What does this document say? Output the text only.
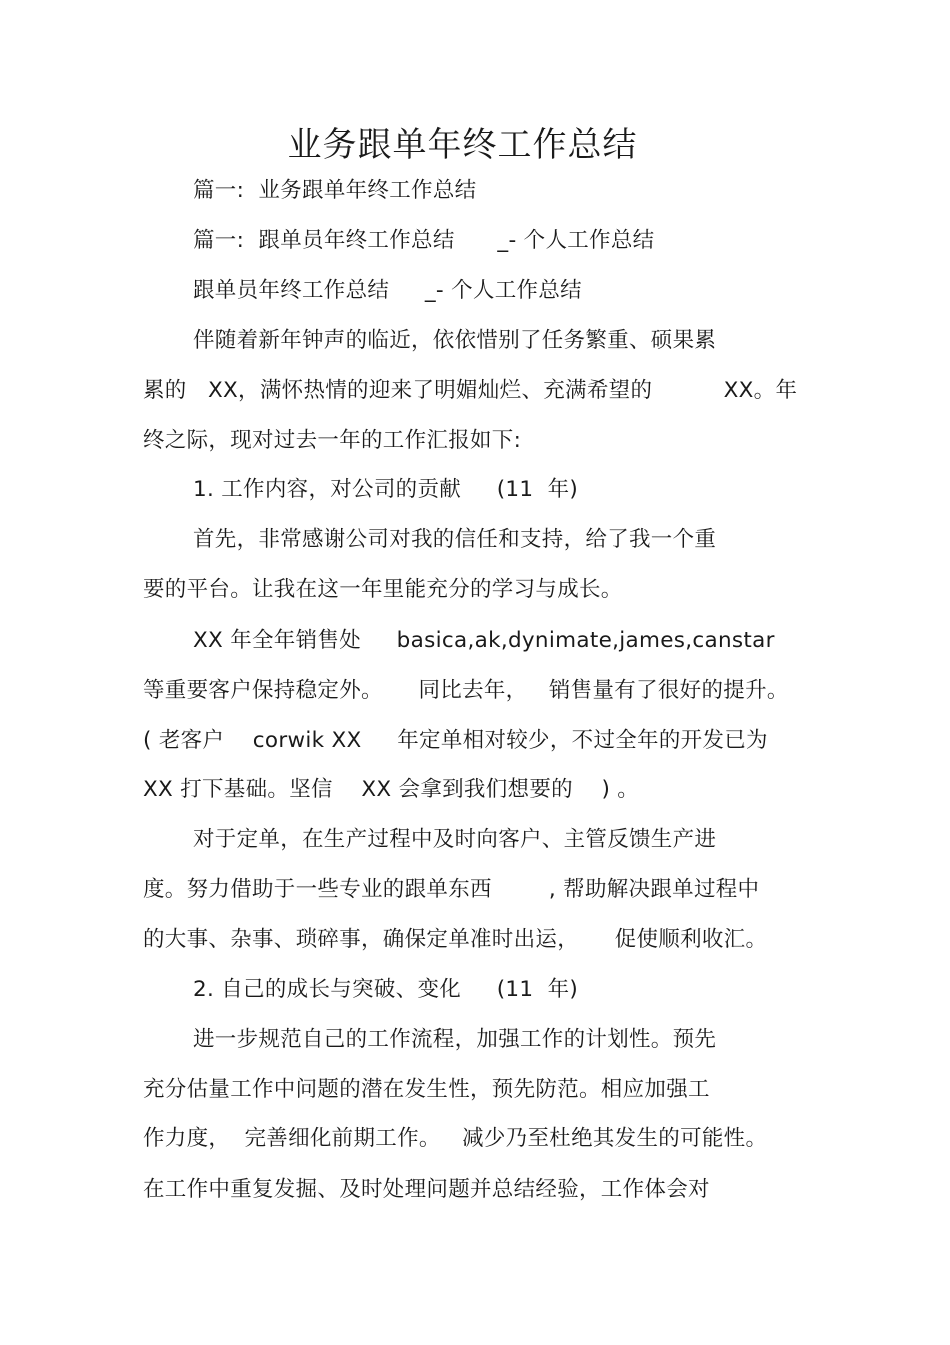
业务跟单年终工作总结
篇一:  业务跟单年终工作总结
篇一:  跟单员年终工作总结      _- 个人工作总结
跟单员年终工作总结     _- 个人工作总结
伴随着新年钟声的临近，依依惜别了任务繁重、硕果累
累的   XX，满怀热情的迎来了明媚灿烂、充满希望的          XX。年
终之际，现对过去一年的工作汇报如下:
1. 工作内容，对公司的贡献     (11  年)
首先，非常感谢公司对我的信任和支持，给了我一个重
要的平台。让我在这一年里能充分的学习与成长。
XX 年全年销售处     basica,ak,dynimate,james,canstar
等重要客户保持稳定外。     同比去年，   销售量有了很好的提升。
( 老客户    corwik XX     年定单相对较少，不过全年的开发已为
XX 打下基础。坚信    XX 会拿到我们想要的    ) 。
对于定单，在生产过程中及时向客户、主管反馈生产进
度。努力借助于一些专业的跟单东西        , 帮助解决跟单过程中
的大事、杂事、琐碎事，确保定单准时出运，     促使顺利收汇。
2. 自己的成长与突破、变化     (11  年)
进一步规范自己的工作流程，加强工作的计划性。预先
充分估量工作中问题的潜在发生性，预先防范。相应加强工
作力度，  完善细化前期工作。   减少乃至杜绝其发生的可能性。
在工作中重复发掘、及时处理问题并总结经验，工作体会对
